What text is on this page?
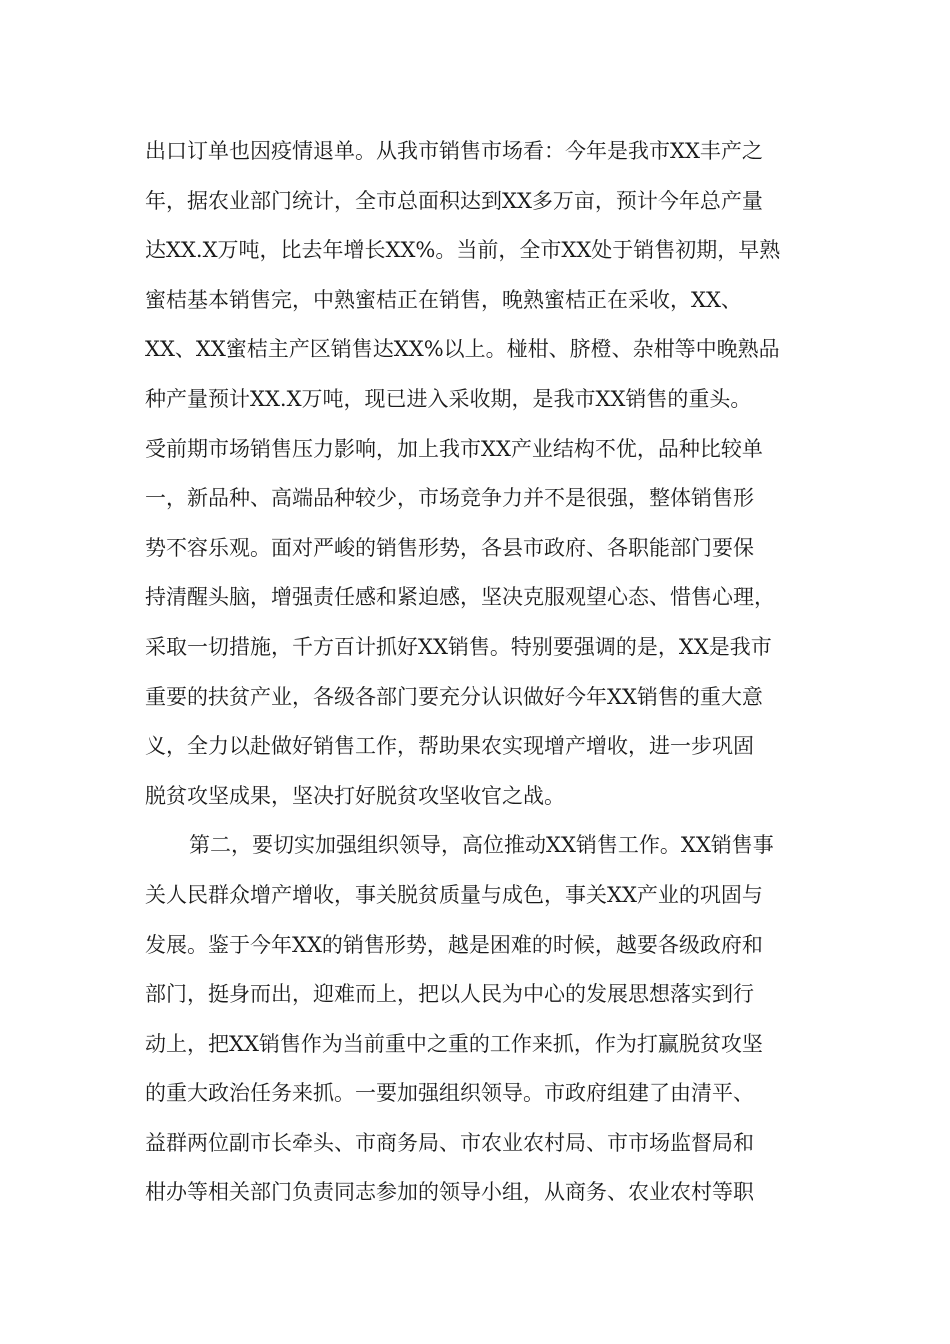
出口订单也因疫情退单。从我市销售市场看：今年是我市XX丰产之
年，据农业部门统计，全市总面积达到XX多万亩，预计今年总产量
达XX.X万吨，比去年增长XX%。当前，全市XX处于销售初期，早熟
蜜桔基本销售完，中熟蜜桔正在销售，晚熟蜜桔正在采收，XX、
XX、XX蜜桔主产区销售达XX%以上。椪柑、脐橙、杂柑等中晚熟品
种产量预计XX.X万吨，现已进入采收期，是我市XX销售的重头。
受前期市场销售压力影响，加上我市XX产业结构不优，品种比较单
一，新品种、高端品种较少，市场竞争力并不是很强，整体销售形
势不容乐观。面对严峻的销售形势，各县市政府、各职能部门要保
持清醒头脑，增强责任感和紧迫感，坚决克服观望心态、惜售心理，
采取一切措施，千方百计抓好XX销售。特别要强调的是，XX是我市
重要的扶贫产业，各级各部门要充分认识做好今年XX销售的重大意
义，全力以赴做好销售工作，帮助果农实现增产增收，进一步巩固
脱贫攻坚成果，坚决打好脱贫攻坚收官之战。
第二，要切实加强组织领导，高位推动XX销售工作。XX销售事
关人民群众增产增收，事关脱贫质量与成色，事关XX产业的巩固与
发展。鉴于今年XX的销售形势，越是困难的时候，越要各级政府和
部门，挺身而出，迎难而上，把以人民为中心的发展思想落实到行
动上，把XX销售作为当前重中之重的工作来抓，作为打赢脱贫攻坚
的重大政治任务来抓。一要加强组织领导。市政府组建了由清平、
益群两位副市长牵头、市商务局、市农业农村局、市市场监督局和
柑办等相关部门负责同志参加的领导小组，从商务、农业农村等职
